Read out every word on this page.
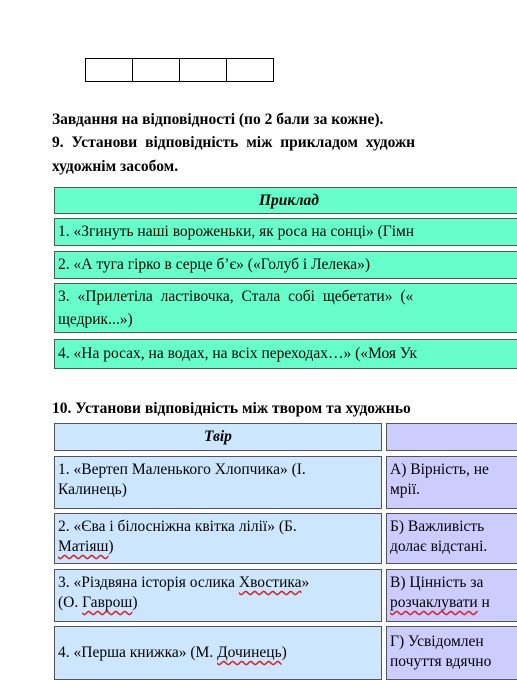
Завдання на відповідності (по 2 бали за кожне).
9. Установи відповідність між прикладом художн
художнім засобом.
Приклад
1. «Згинуть наші вороженьки, як роса на сонці» (Гімн
2. «А туга гірко в серце б’є» («Голуб і Лелека»)
3. «Прилетіла ластівочка, Стала собі щебетати» («
щедрик...»)
4. «На росах, на водах, на всіх переходах…» («Моя Ук
10. Установи відповідність між твором та художньо
Твір
1. «Вертеп Маленького Хлопчика» (І.
Калинець)
А) Вірність, не
мрії.
2. «Єва і білосніжна квітка лілії» (Б.
Матіяш)
Б) Важливість
долає відстані.
3. «Різдвяна історія ослика Хвостика»
(О. Гаврош)
В) Цінність за
розчаклувати н
4. «Перша книжка» (М. Дочинець)
Г) Усвідомлен
почуття вдячно
